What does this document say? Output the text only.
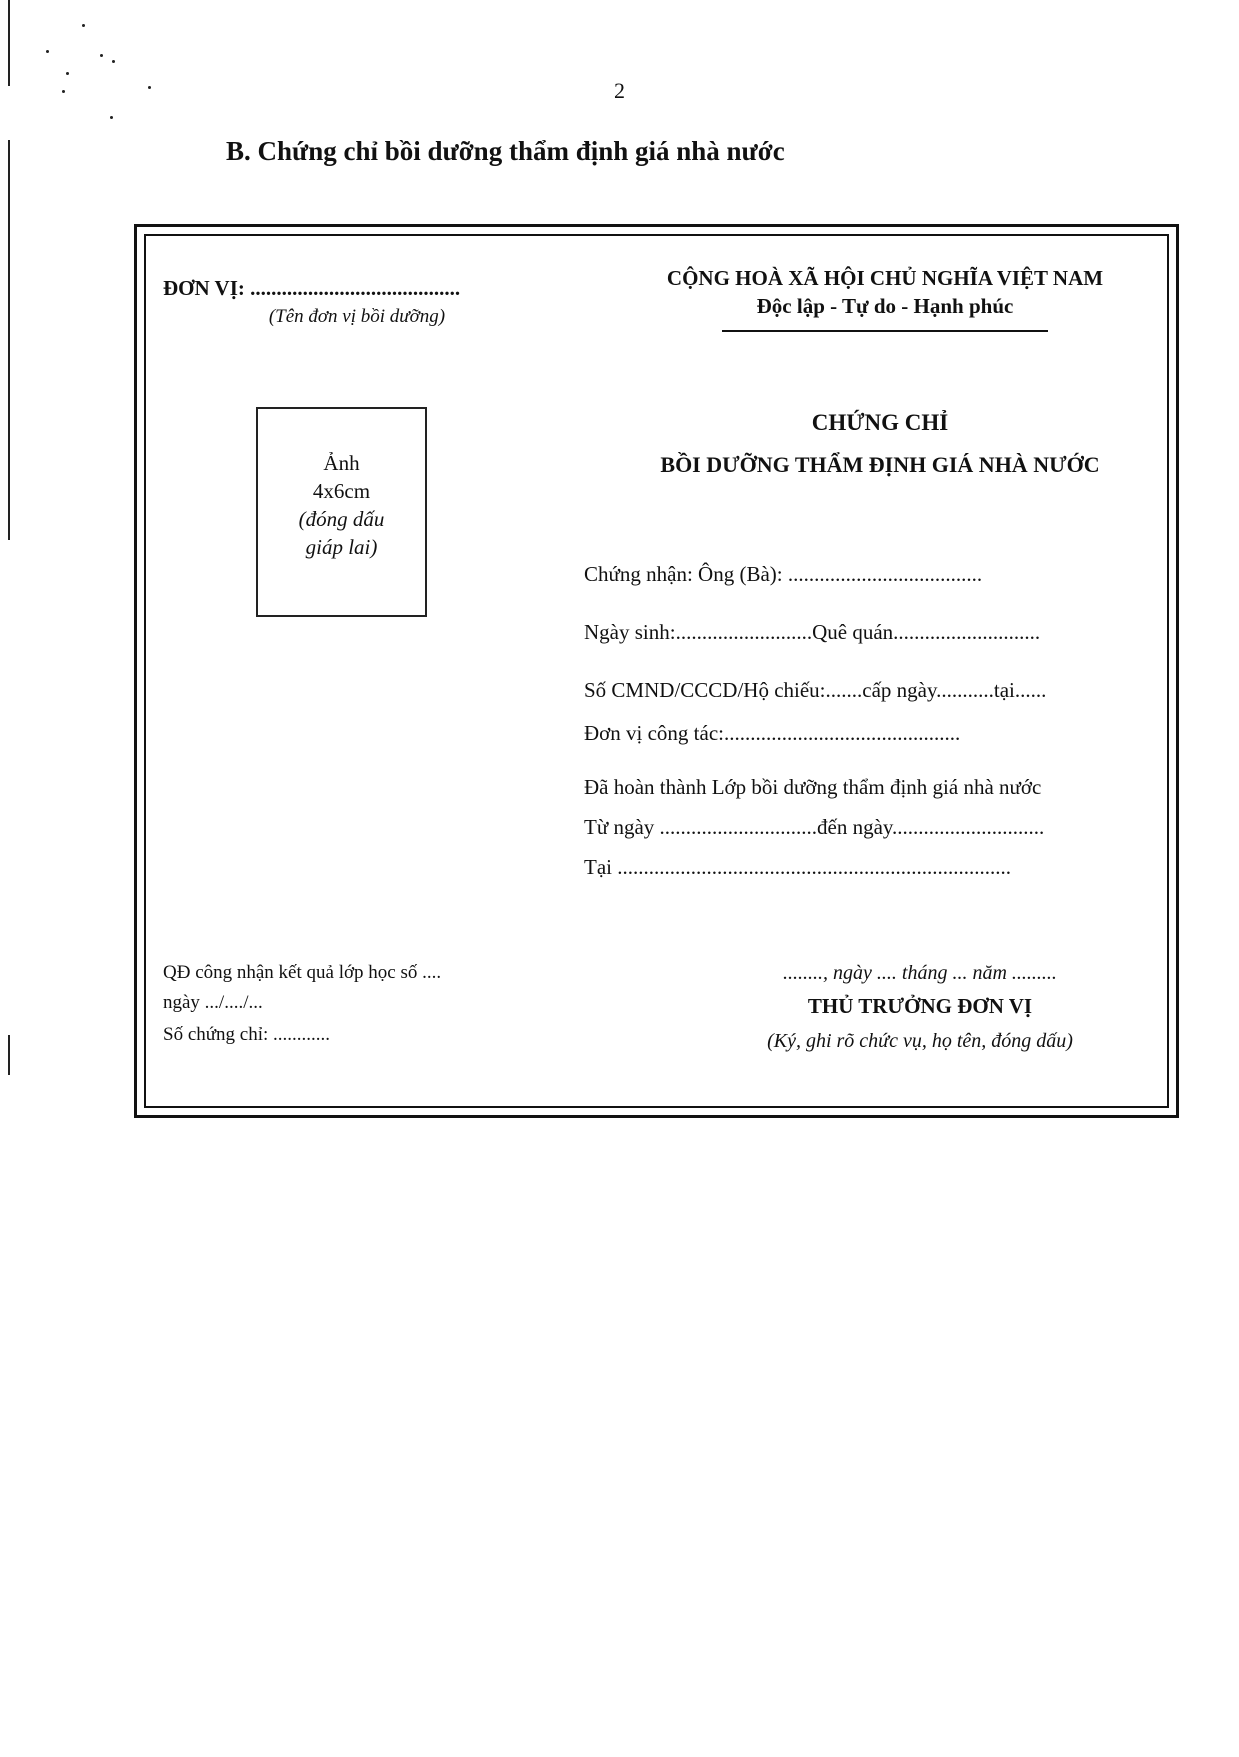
2
B. Chứng chỉ bồi dưỡng thẩm định giá nhà nước
ĐƠN VỊ: ........................................
(Tên đơn vị bồi dưỡng)
CỘNG HOÀ XÃ HỘI CHỦ NGHĨA VIỆT NAM
Độc lập - Tự do - Hạnh phúc
Ảnh
4x6cm
(đóng dấu
giáp lai)
CHỨNG CHỈ
BỒI DƯỠNG THẨM ĐỊNH GIÁ NHÀ NƯỚC
Chứng nhận: Ông (Bà): .....................................
Ngày sinh:..........................Quê quán............................
Số CMND/CCCD/Hộ chiếu:.......cấp ngày...........tại......
Đơn vị công tác:.............................................
Đã hoàn thành Lớp bồi dưỡng thẩm định giá nhà nước
Từ ngày ..............................đến ngày.............................
Tại ...........................................................................
QĐ công nhận kết quả lớp học số ....
ngày .../..../...
Số chứng chỉ: ............
........, ngày .... tháng ... năm .........
THỦ TRƯỞNG ĐƠN VỊ
(Ký, ghi rõ chức vụ, họ tên, đóng dấu)
